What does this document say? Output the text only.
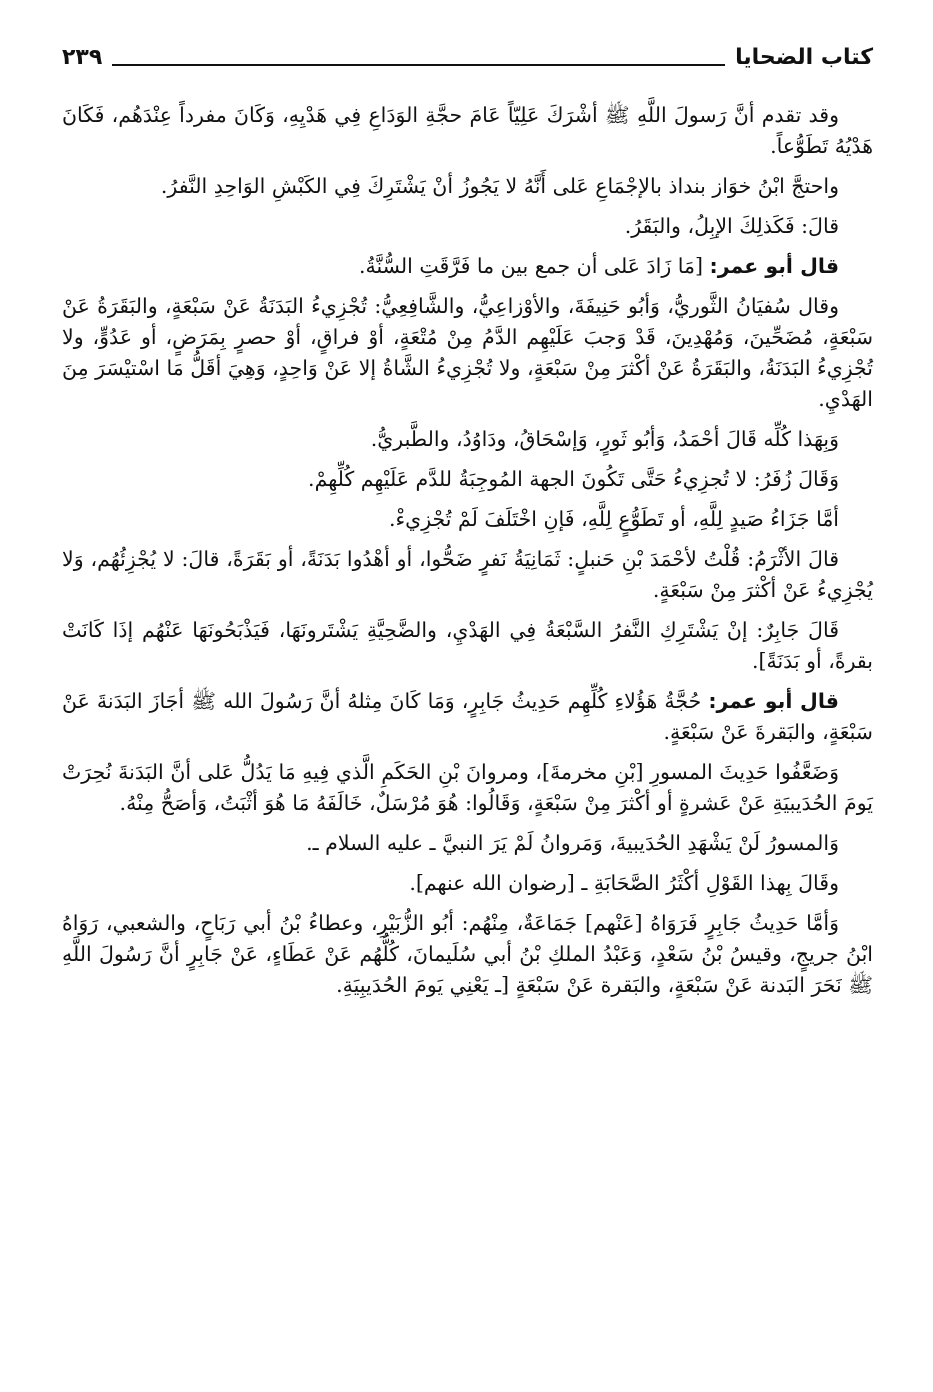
كتاب الضحايا
٢٣٩

وقد تقدم أنَّ رَسولَ اللَّهِ ﷺ أشْرَكَ عَلِيّاً عَامَ حجَّةِ الوَدَاعِ فِي هَدْيِهِ، وَكَانَ مفرداً عِنْدَهُم، فَكَانَ هَدْيُهُ تَطَوُّعاً.

واحتجَّ ابْنُ خوَاز بنداذ بالإجْمَاعِ عَلى أَنَّهُ لا يَجُوزُ أنْ يَشْتَرِكَ فِي الكَبْشِ الوَاحِدِ النَّفرُ.

قالَ: فَكَذلِكَ الإبِلُ، والبَقَرُ.

قال أبو عمر: [مَا زَادَ عَلى أن جمع بين ما فَرَّقَتِ السُّنَّةُ.

وقال سُفيَانُ الثَّوريُّ، وَأبُو حَنِيفَةَ، والأوْزاعِيُّ، والشَّافِعِيُّ: تُجْزِيءُ البَدَنَةُ عَنْ سَبْعَةٍ، والبَقَرَةُ عَنْ سَبْعَةٍ، مُضَحِّينَ، وَمُهْدِينَ، قَدْ وَجبَ عَلَيْهِم الدَّمُ مِنْ مُتْعَةٍ، أوْ فراقٍ، أوْ حصرٍ بِمَرَضٍ، أو عَدُوٍّ، ولا تُجْزِيءُ البَدَنَةُ، والبَقَرَةُ عَنْ أكْثرَ مِنْ سَبْعَةٍ، ولا تُجْزِيءُ الشَّاةُ إلا عَنْ وَاحِدٍ، وَهِيَ أقَلُّ مَا اسْتيْسَرَ مِنَ الهَدْيِ.

وَبِهَذا كُلِّه قَالَ أحْمَدُ، وَأبُو ثَورٍ، وَإسْحَاقُ، ودَاوُدُ، والطَّبريُّ.

وَقَالَ زُفَرُ: لا تُجزِيءُ حَتَّى تَكُونَ الجهة المُوجِبَةُ للدَّم عَلَيْهِم كُلِّهِمْ.

أمَّا جَزَاءُ صَيدٍ لِلَّهِ، أو تَطَوُّعٍ لِلَّهِ، فَإنِ اخْتَلَفَ لَمْ تُجْزِيءْ.

قالَ الأثْرَمُ: قُلْتُ لأحْمَدَ بْنِ حَنبلٍ: ثَمَانِيَةُ نَفرٍ ضَحُّوا، أو أهْدُوا بَدَنَةً، أو بَقَرَةً، قالَ: لا يُجْزِئُهُم، وَلا يُجْزِيءُ عَنْ أكْثرَ مِنْ سَبْعَةٍ.

قَالَ جَابِرٌ: إنْ يَشْتَرِكِ النَّفرُ السَّبْعَةُ فِي الهَدْيِ، والضَّحِيَّةِ يَشْتَرونَهَا، فَيَذْبَحُونَهَا عَنْهُم إذَا كَانَتْ بقرةً، أو بَدَنَةً].

قال أبو عمر: حُجَّةُ هَؤُلاءِ كُلِّهِم حَدِيثُ جَابِرٍ، وَمَا كَانَ مِثلهُ أنَّ رَسُولَ الله ﷺ أجَازَ البَدَنةَ عَنْ سَبْعَةٍ، والبَقرةَ عَنْ سَبْعَةٍ.

وَضَعَّفُوا حَدِيثَ المسورِ [بْنِ مخرمةَ]، ومروانَ بْنِ الحَكَمِ الَّذي فِيهِ مَا يَدُلُّ عَلى أنَّ البَدَنةَ نُحِرَتْ يَومَ الحُدَيبيَةِ عَنْ عَشرةٍ أو أكْثرَ مِنْ سَبْعَةٍ، وَقَالُوا: هُوَ مُرْسَلٌ، خَالَفَهُ مَا هُوَ أثْبَتُ، وَأصَحُّ مِنْهُ.

وَالمسورُ لَنْ يَشْهَدِ الحُدَيبيةَ، وَمَروانُ لَمْ يَرَ النبيَّ ـ عليه السلام ـ.

وقَالَ بِهذا القَوْلِ أكْثَرُ الصَّحَابَةِ ـ [رضوان الله عنهم].

وَأمَّا حَدِيثُ جَابِرٍ فَرَوَاهُ [عَنْهم] جَمَاعَةٌ، مِنْهُم: أبُو الزُّبَيْرِ، وعطاءُ بْنُ أبي رَبَاحٍ، والشعبي، رَوَاهُ ابْنُ جريجٍ، وقيسُ بْنُ سَعْدٍ، وَعَبْدُ الملكِ بْنُ أبي سُلَيمانَ، كُلُّهُم عَنْ عَطَاءٍ، عَنْ جَابِرٍ أنَّ رَسُولَ اللَّهِ ﷺ نَحَرَ البَدنة عَنْ سَبْعَةٍ، والبَقرة عَنْ سَبْعَةٍ [ـ يَعْنِي يَومَ الحُدَيبِيَةِ.
